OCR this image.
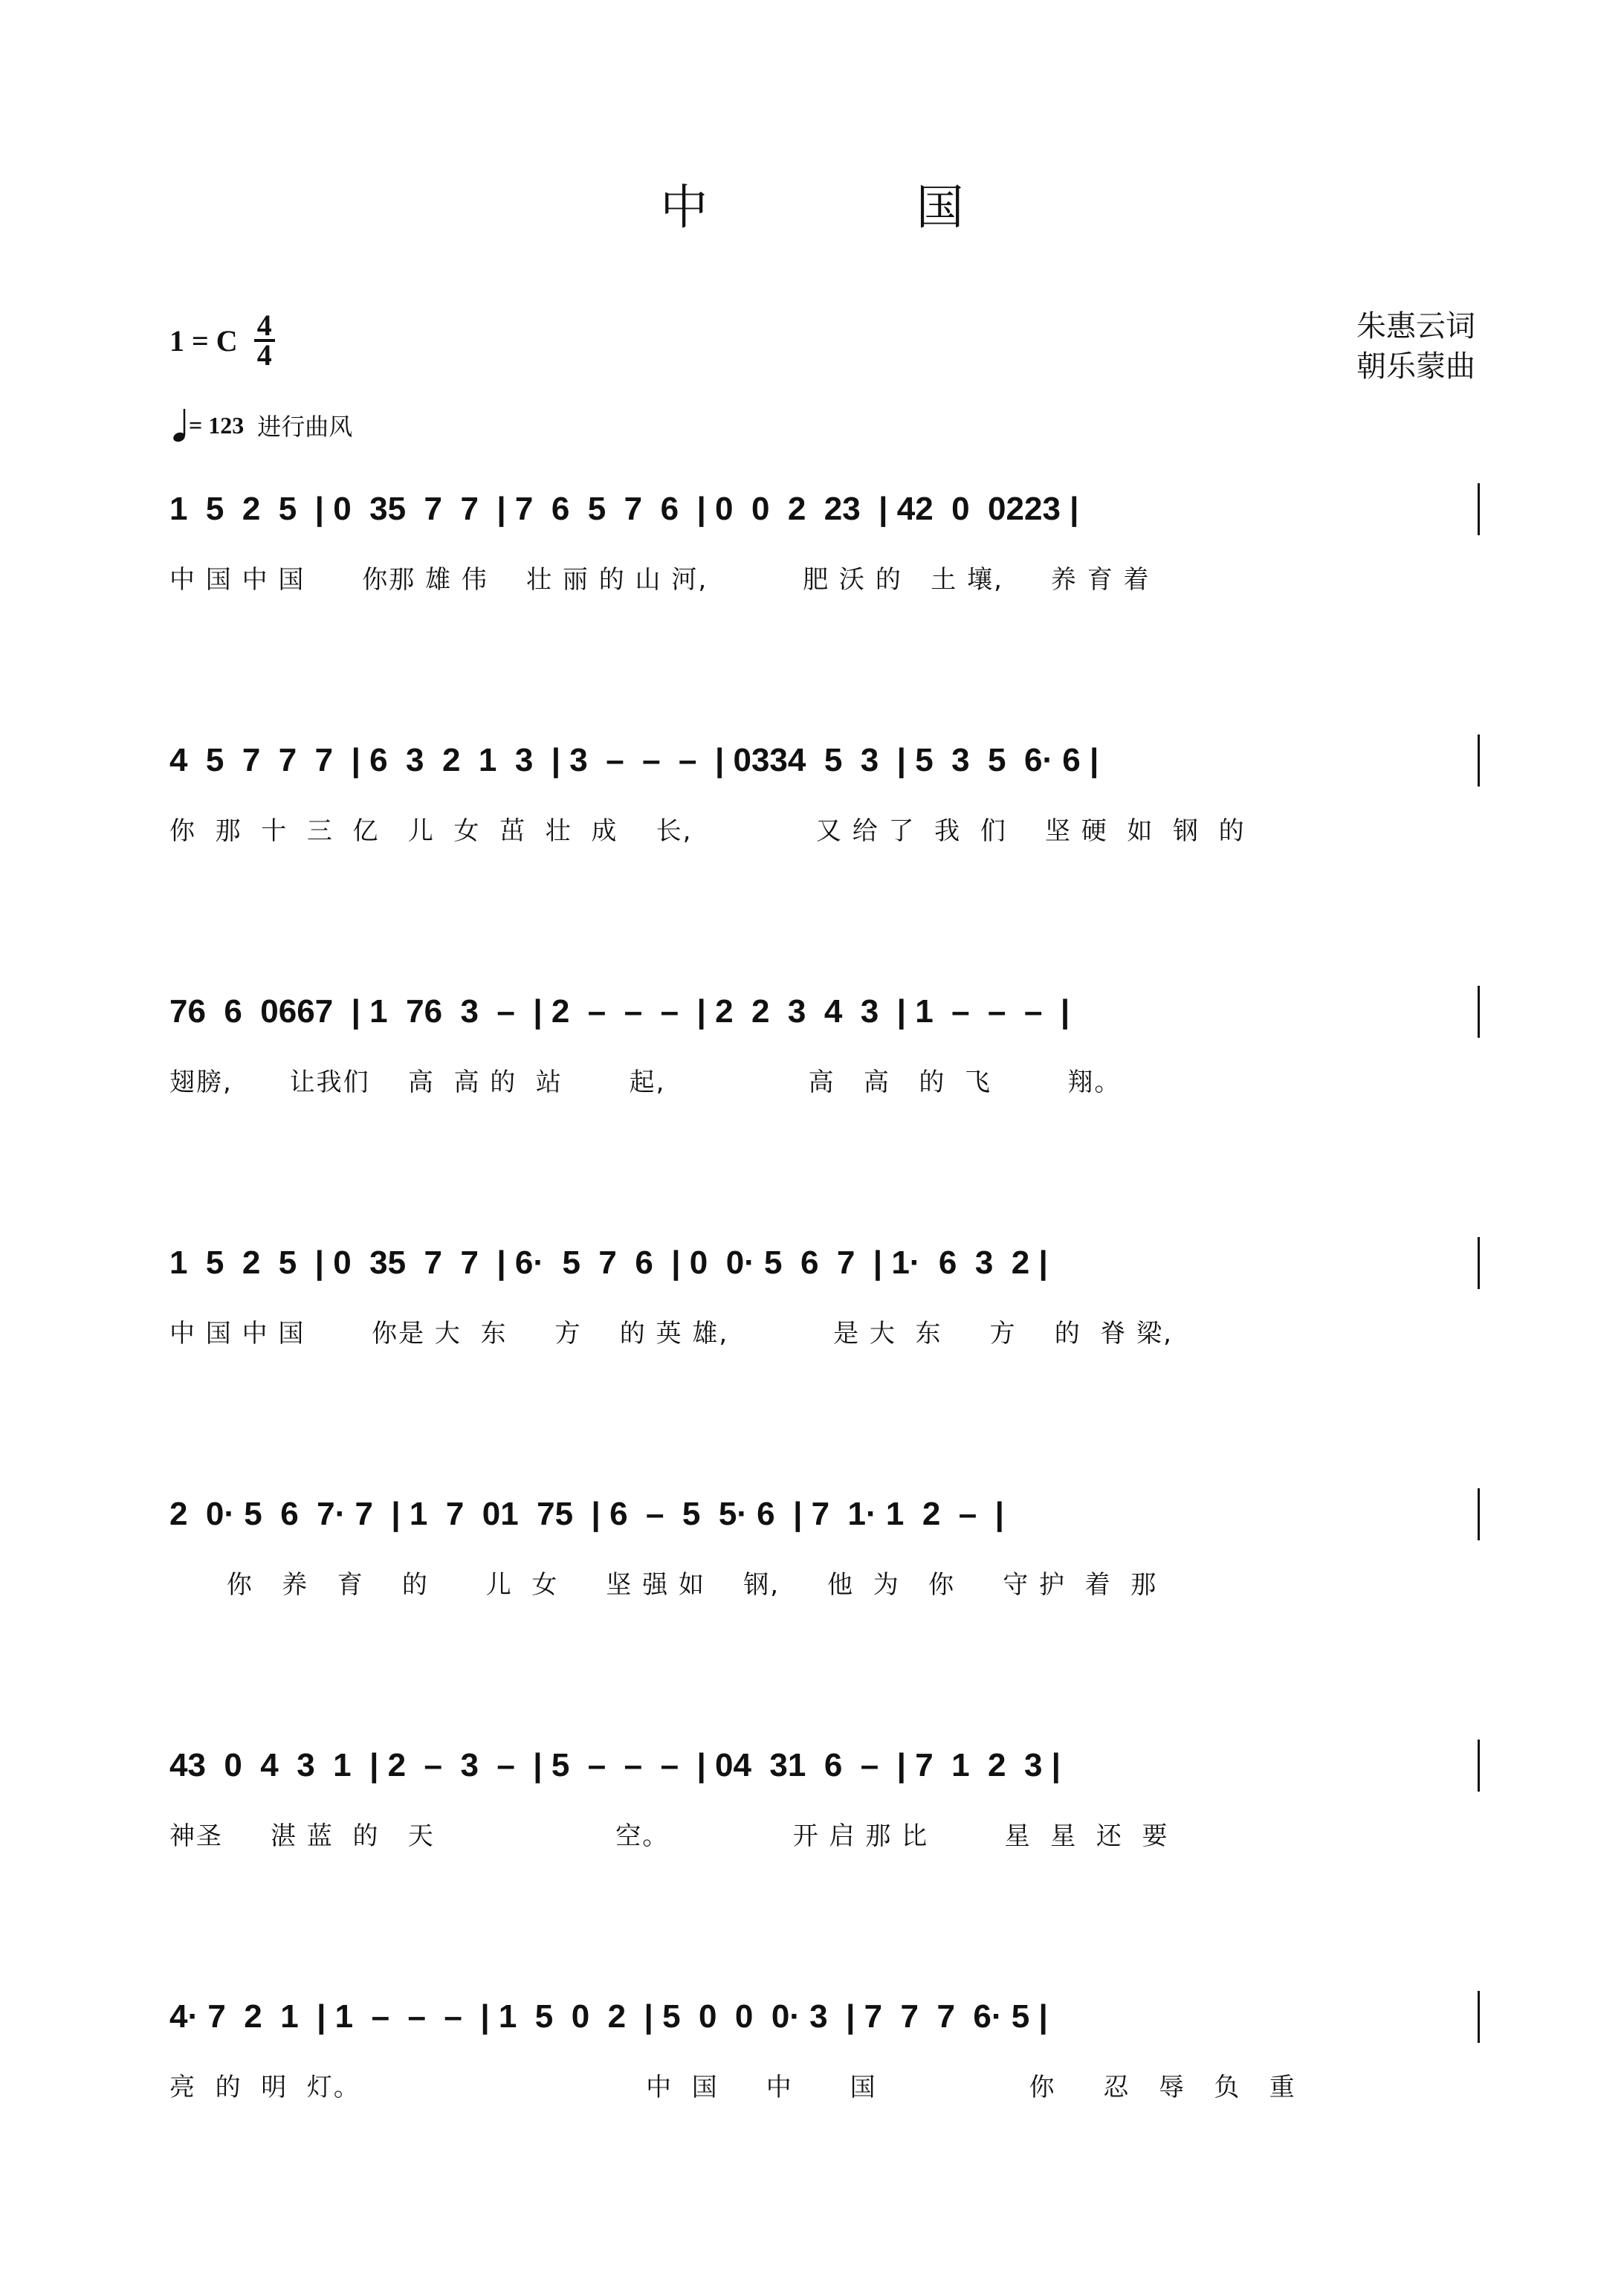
中 国
1 = C $\frac{4}{4}$	朱惠云词
朝乐蒙曲
= 123 进行曲风
1  5  2  5  | 0  35  7  7  | 7  6  5  7  6  | 0  0  2  23  | 42  0  0223 |
中 国 中 国      你那 雄 伟    壮 丽 的 山 河,          肥 沃 的   土 壤,     养 育 着
4  5  7  7  7  | 6  3  2  1  3  | 3  –  –  –  | 0334  5  3  | 5  3  5  6· 6 |
你  那  十  三  亿   儿  女  茁  壮  成    长,             又 给 了  我  们    坚 硬  如  钢  的
76  6  0667  | 1  76  3  –  | 2  –  –  –  | 2  2  3  4  3  | 1  –  –  –  |
翅膀,      让我们    高  高 的  站       起,               高   高   的  飞        翔。
1  5  2  5  | 0  35  7  7  | 6·  5  7  6  | 0  0· 5  6  7  | 1·  6  3  2 |
中 国 中 国       你是 大  东     方    的 英 雄,           是 大  东     方    的  脊 梁,
2  0· 5  6  7· 7  | 1  7  01  75  | 6  –  5  5· 6  | 7  1· 1  2  –  |
你   养   育    的      儿  女     坚 强 如    钢,     他  为   你     守 护  着  那
43  0  4  3  1  | 2  –  3  –  | 5  –  –  –  | 04  31  6  –  | 7  1  2  3 |
神圣     湛 蓝  的   天                   空。             开 启 那 比        星  星  还  要
4· 7  2  1  | 1  –  –  –  | 1  5  0  2  | 5  0  0  0· 3  | 7  7  7  6· 5 |
亮  的  明  灯。                              中  国     中      国                你     忍   辱   负   重
